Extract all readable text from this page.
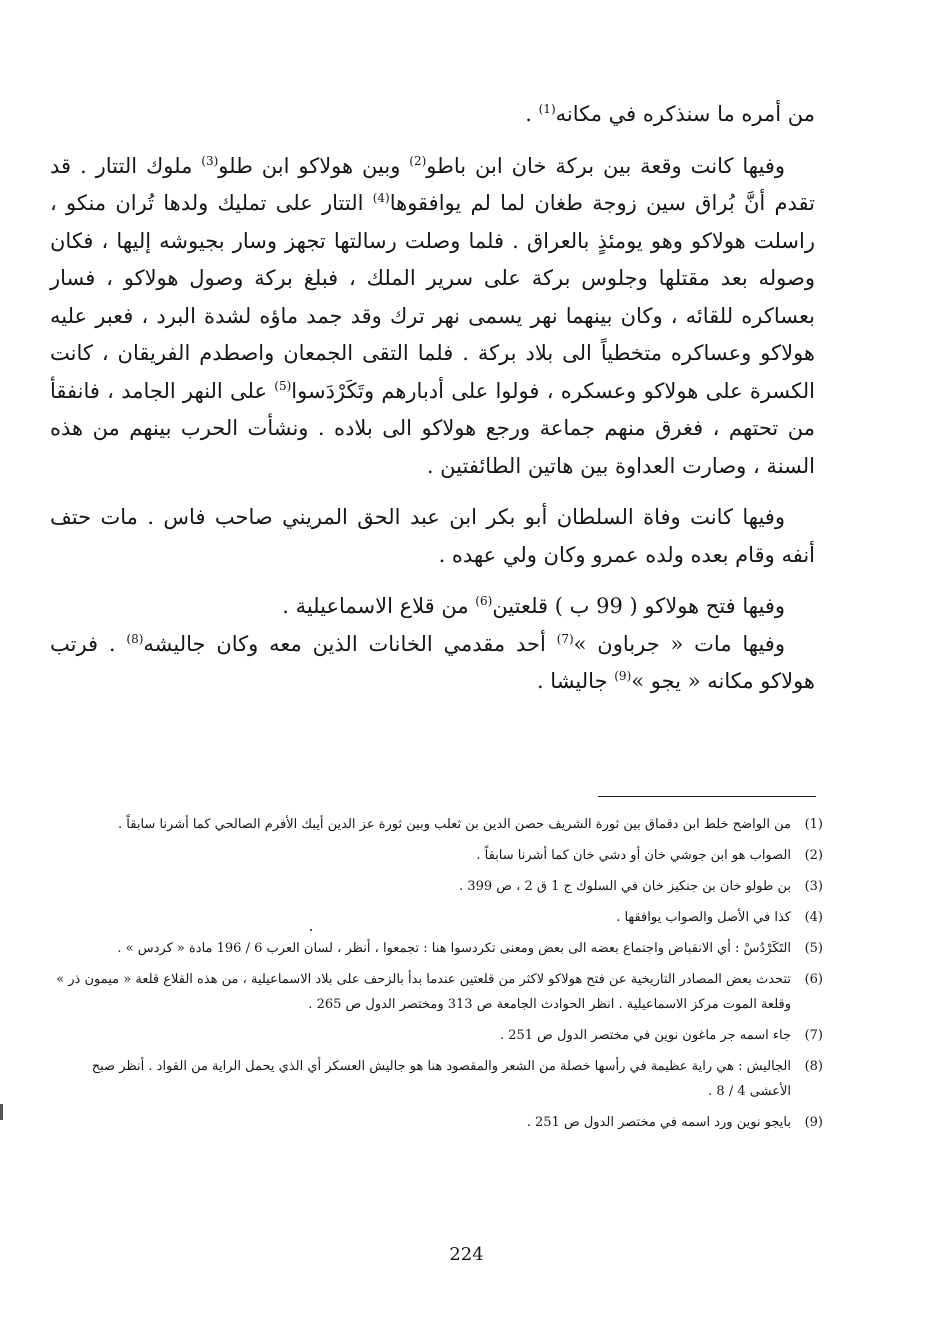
من أمره ما سنذكره في مكانه$^{(1)}$ .

وفيها كانت وقعة بين بركة خان ابن باطو$^{(2)}$ وبين هولاكو ابن طلو$^{(3)}$ ملوك التتار . قد تقدم أنَّ بُراق سين زوجة طغان لما لم يوافقوها$^{(4)}$ التتار على تمليك ولدها تُران منكو ، راسلت هولاكو وهو يومئذٍ بالعراق . فلما وصلت رسالتها تجهز وسار بجيوشه إليها ، فكان وصوله بعد مقتلها وجلوس بركة على سرير الملك ، فبلغ بركة وصول هولاكو ، فسار بعساكره للقائه ، وكان بينهما نهر يسمى نهر ترك وقد جمد ماؤه لشدة البرد ، فعبر عليه هولاكو وعساكره متخطياً الى بلاد بركة . فلما التقى الجمعان واصطدم الفريقان ، كانت الكسرة على هولاكو وعسكره ، فولوا على أدبارهم وتَكَرْدَسوا$^{(5)}$ على النهر الجامد ، فانفقأ من تحتهم ، فغرق منهم جماعة ورجع هولاكو الى بلاده . ونشأت الحرب بينهم من هذه السنة ، وصارت العداوة بين هاتين الطائفتين .

وفيها كانت وفاة السلطان أبو بكر ابن عبد الحق المريني صاحب فاس . مات حتف أنفه وقام بعده ولده عمرو وكان ولي عهده .

وفيها فتح هولاكو ( 99 ب ) قلعتين$^{(6)}$ من قلاع الاسماعيلية .

وفيها مات « جرباون »$^{(7)}$ أحد مقدمي الخانات الذين معه وكان جاليشه$^{(8)}$ . فرتب هولاكو مكانه « يجو »$^{(9)}$ جاليشا .

(1)
من الواضح خلط ابن دقماق بين ثورة الشريف حصن الدين بن ثعلب وبين ثورة عز الدين أيبك الأفرم الصالحي كما أشرنا سابقاً .
(2)
الصواب هو ابن جوشي خان أو دشي خان كما أشرنا سابقاً .
(3)
بن طولو خان بن جنكيز خان في السلوك ج 1 ق 2 ، ص 399 .
(4)
كذا في الأصل والصواب يوافقها .
(5)
التَكَرْدُسْ : أي الانقباض واجتماع بعضه الى بعض ومعنى تكردسوا هنا : تجمعوا ، أنظر ، لسان العرب 6 / 196 مادة « كردس » .
(6)
تتحدث بعض المصادر التاريخية عن فتح هولاكو لاكثر من قلعتين عندما بدأ بالزحف على بلاد الاسماعيلية ، من هذه القلاع قلعة « ميمون ذر » وقلعة الموت مركز الاسماعيلية . انظر الحوادث الجامعة ص 313 ومختصر الدول ص 265 .
(7)
جاء اسمه جر ماغون نوين في مختصر الدول ص 251 .
(8)
الجاليش : هي راية عظيمة في رأسها خصلة من الشعر والمقصود هنا هو جاليش العسكر أي الذي يحمل الراية من القواد . أنظر صبح الأعشى 4 / 8 .
(9)
بايجو نوين ورد اسمه في مختصر الدول ص 251 .
224
